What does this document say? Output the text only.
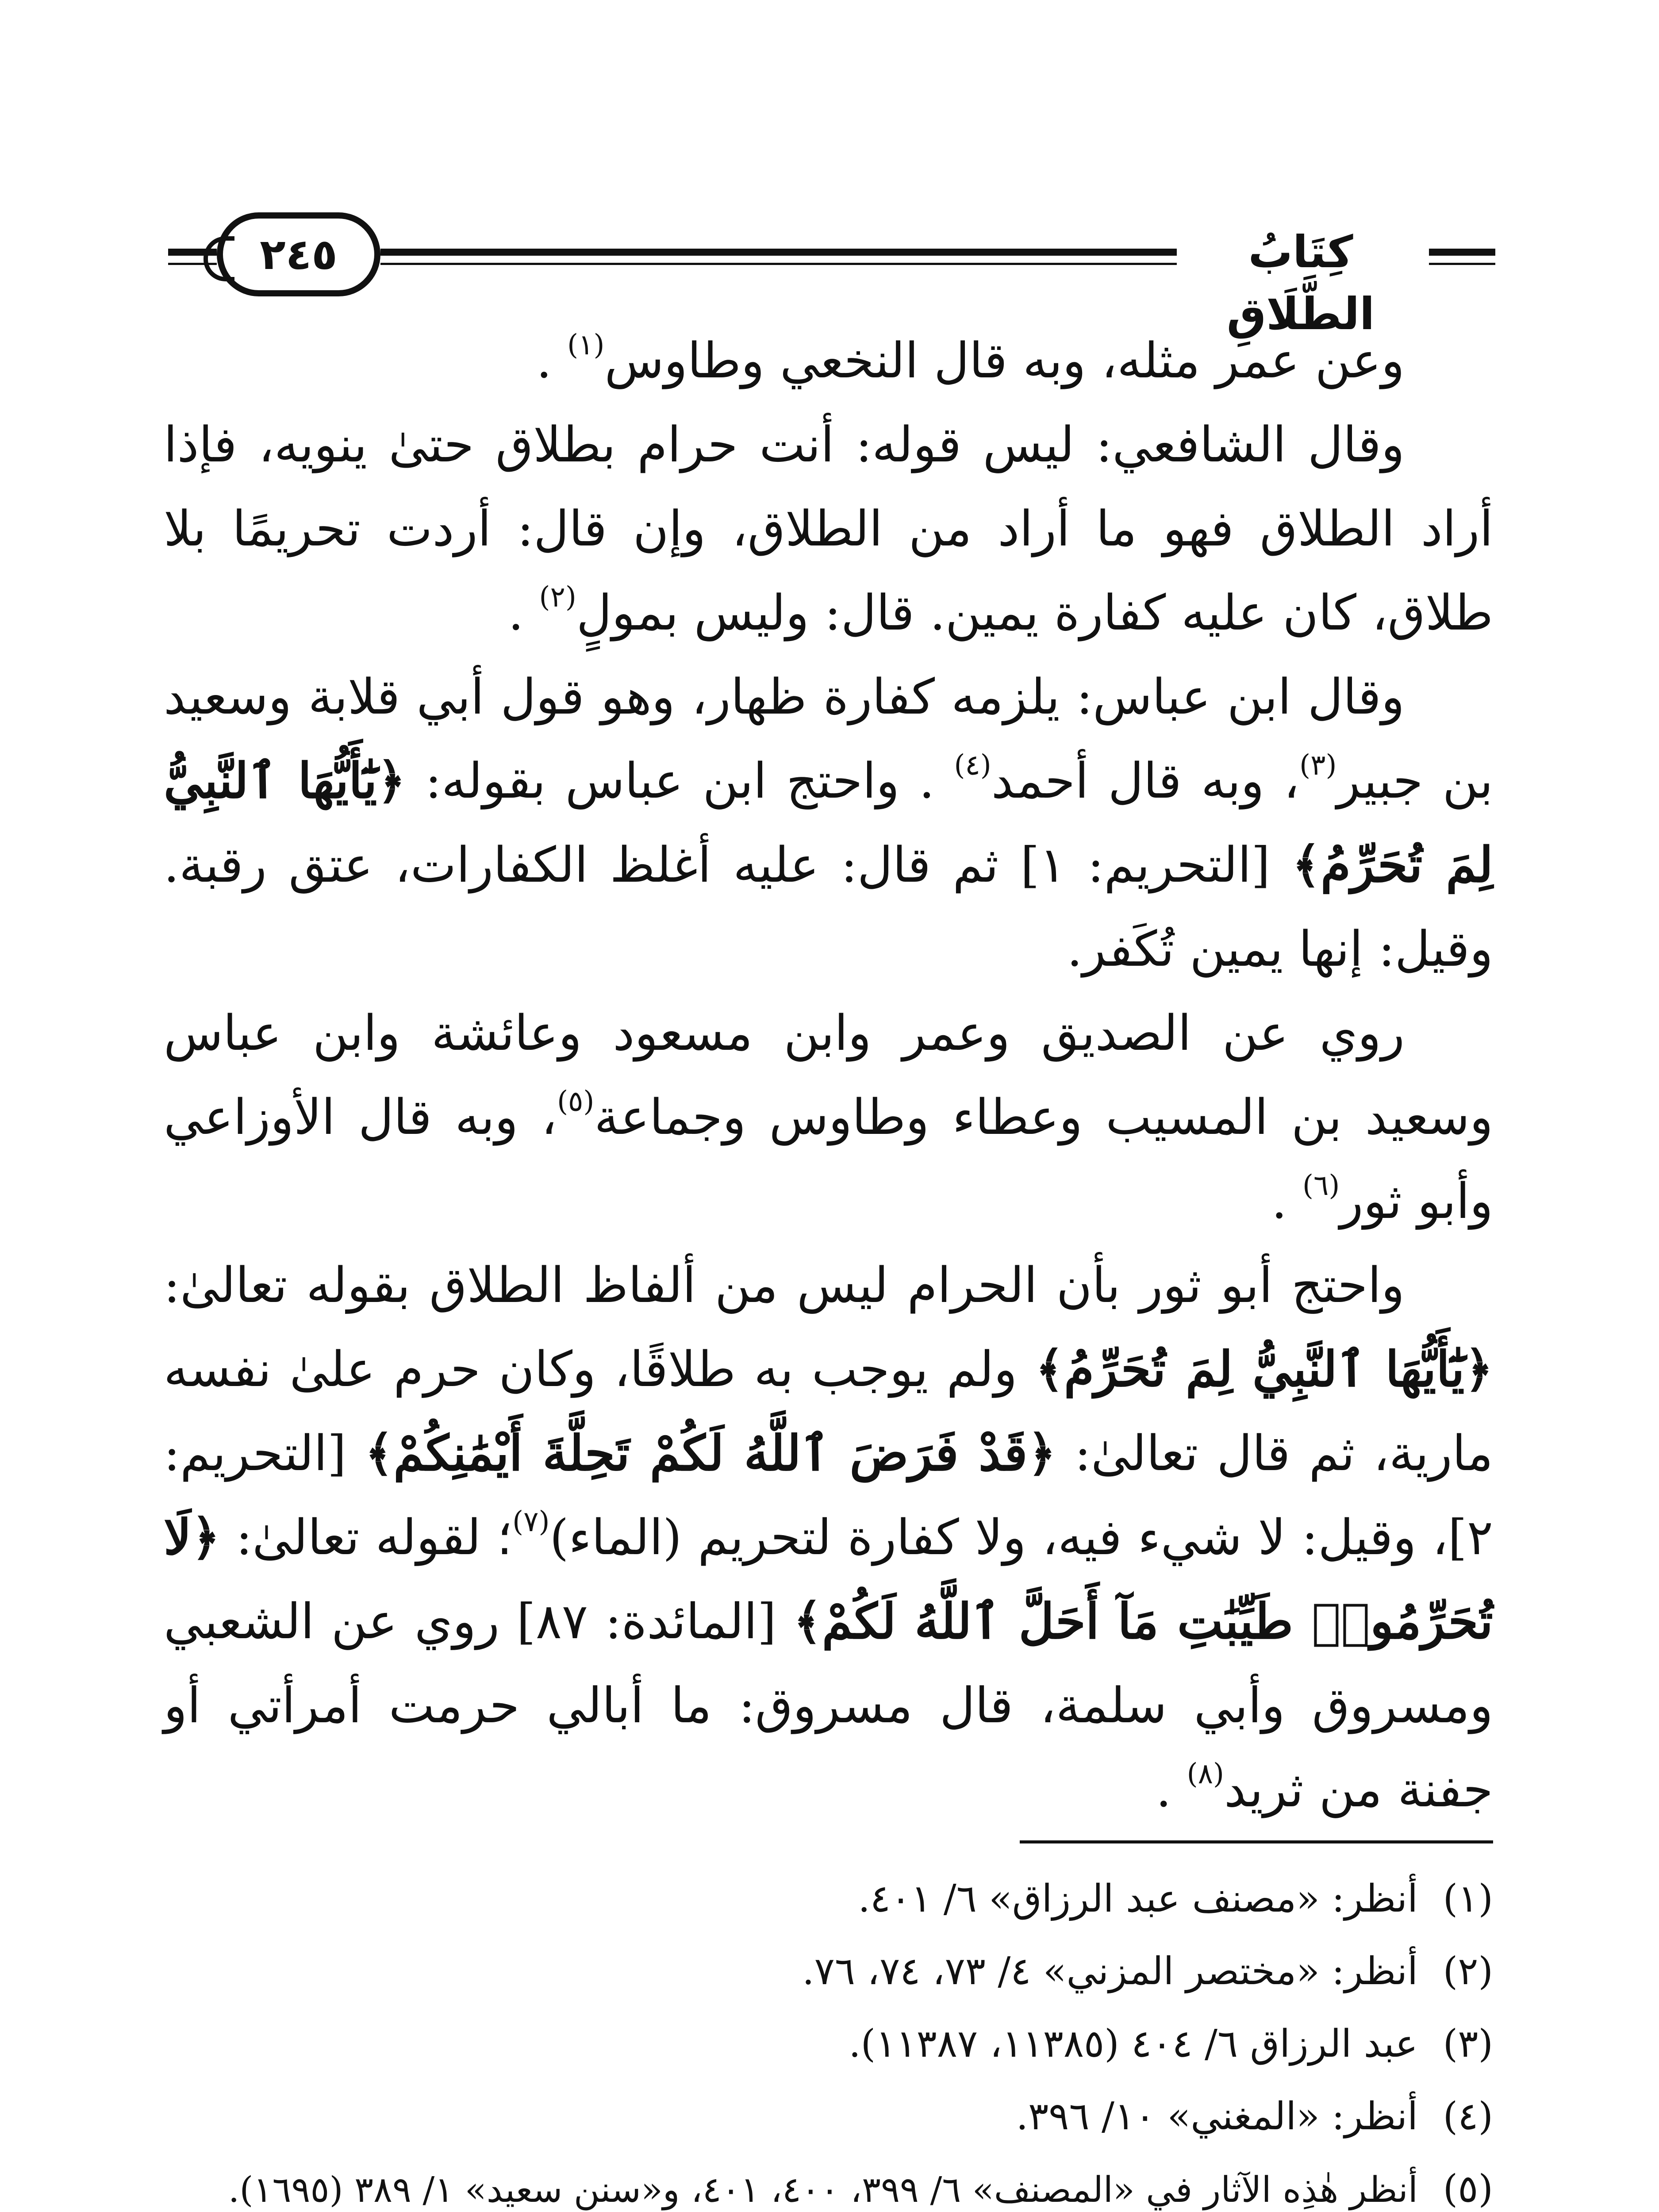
٢٤٥	كِتَابُ الطَّلَاقِ

وعن عمر مثله، وبه قال النخعي وطاوس$^{(١)}$ .

وقال الشافعي: ليس قوله: أنت حرام بطلاق حتىٰ ينويه، فإذا أراد الطلاق فهو ما أراد من الطلاق، وإن قال: أردت تحريمًا بلا طلاق، كان عليه كفارة يمين. قال: وليس بمولٍ$^{(٢)}$ .

وقال ابن عباس: يلزمه كفارة ظهار، وهو قول أبي قلابة وسعيد بن جبير$^{(٣)}$، وبه قال أحمد$^{(٤)}$ . واحتج ابن عباس بقوله: ﴿يَٰٓأَيُّهَا ٱلنَّبِيُّ لِمَ تُحَرِّمُ﴾ [التحريم: ١] ثم قال: عليه أغلظ الكفارات، عتق رقبة. وقيل: إنها يمين تُكَفر.

روي عن الصديق وعمر وابن مسعود وعائشة وابن عباس وسعيد بن المسيب وعطاء وطاوس وجماعة$^{(٥)}$، وبه قال الأوزاعي وأبو ثور$^{(٦)}$ .

واحتج أبو ثور بأن الحرام ليس من ألفاظ الطلاق بقوله تعالىٰ: ﴿يَٰٓأَيُّهَا ٱلنَّبِيُّ لِمَ تُحَرِّمُ﴾ ولم يوجب به طلاقًا، وكان حرم علىٰ نفسه مارية، ثم قال تعالىٰ: ﴿قَدْ فَرَضَ ٱللَّهُ لَكُمْ تَحِلَّةَ أَيْمَٰنِكُمْ﴾ [التحريم: ٢]، وقيل: لا شيء فيه، ولا كفارة لتحريم (الماء)$^{(٧)}$؛ لقوله تعالىٰ: ﴿لَا تُحَرِّمُوا۟ طَيِّبَٰتِ مَآ أَحَلَّ ٱللَّهُ لَكُمْ﴾ [المائدة: ٨٧] روي عن الشعبي ومسروق وأبي سلمة، قال مسروق: ما أبالي حرمت أمرأتي أو جفنة من ثريد$^{(٨)}$ .

(١)
أنظر: «مصنف عبد الرزاق» ٦/ ٤٠١.
(٢)
أنظر: «مختصر المزني» ٤/ ٧٣، ٧٤، ٧٦.
(٣)
عبد الرزاق ٦/ ٤٠٤ (١١٣٨٥، ١١٣٨٧).
(٤)
أنظر: «المغني» ١٠/ ٣٩٦.
(٥)
أنظر هٰذِه الآثار في «المصنف» ٦/ ٣٩٩، ٤٠٠، ٤٠١، و«سنن سعيد» ١/ ٣٨٩ (١٦٩٥).
